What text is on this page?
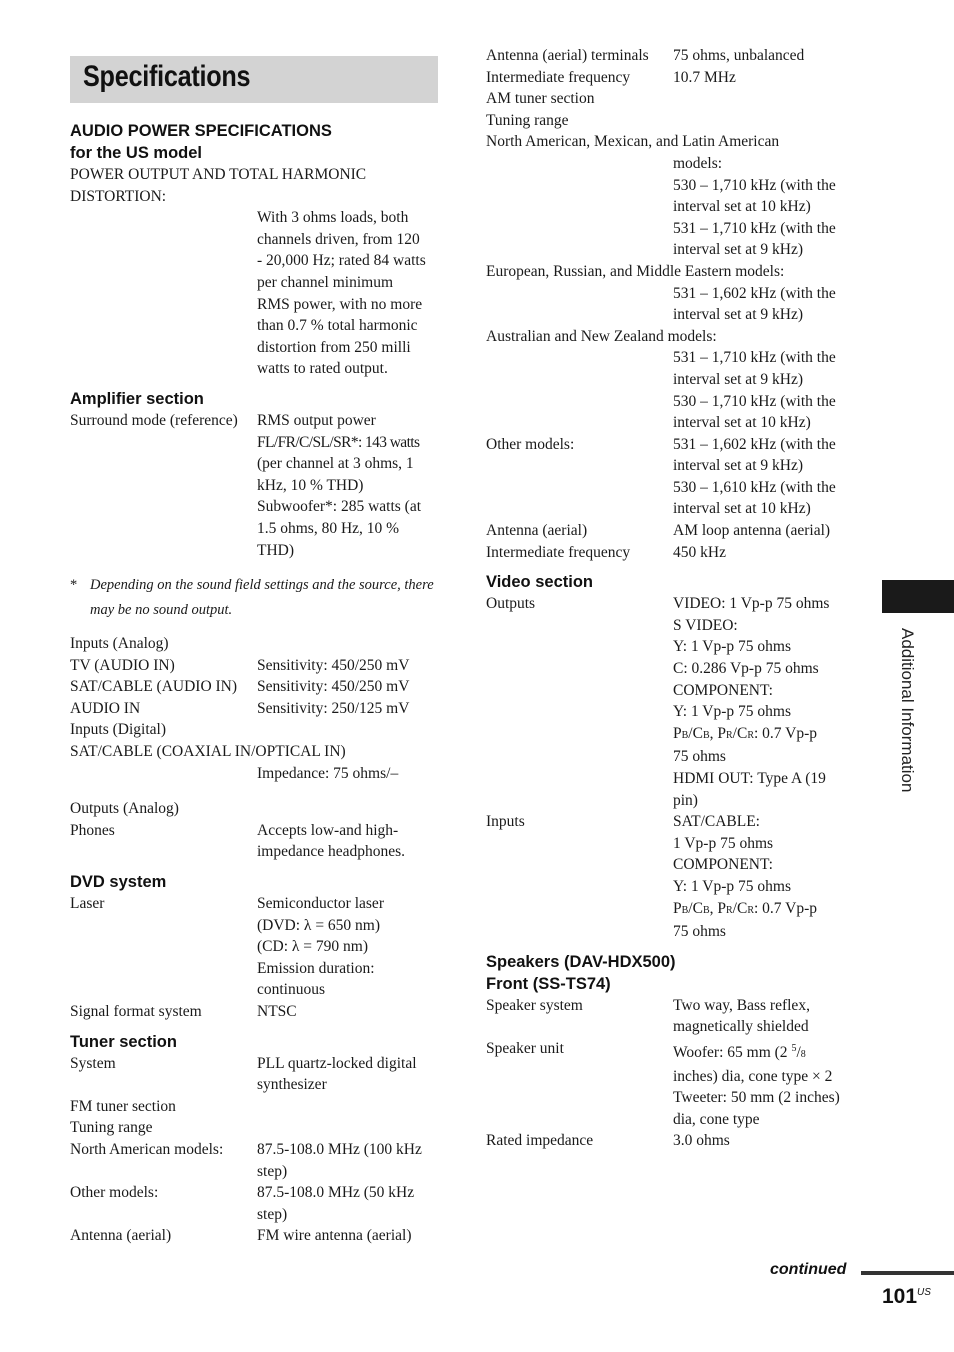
Specifications
AUDIO POWER SPECIFICATIONS
for the US model
POWER OUTPUT AND TOTAL HARMONIC
DISTORTION:
With 3 ohms loads, both
channels driven, from 120
- 20,000 Hz; rated 84 watts
per channel minimum
RMS power, with no more
than 0.7 % total harmonic
distortion from 250 milli
watts to rated output.
Amplifier section
Surround mode (reference)	RMS output power
FL/FR/C/SL/SR*: 143 watts
(per channel at 3 ohms, 1
kHz, 10 % THD)
Subwoofer*: 285 watts (at
1.5 ohms, 80 Hz, 10 %
THD)
* Depending on the sound field settings and the source, there may be no sound output.
Inputs (Analog)
TV (AUDIO IN)	Sensitivity: 450/250 mV
SAT/CABLE (AUDIO IN)	Sensitivity: 450/250 mV
AUDIO IN	Sensitivity: 250/125 mV
Inputs (Digital)
SAT/CABLE (COAXIAL IN/OPTICAL IN)
Impedance: 75 ohms/–
Outputs (Analog)
Phones	Accepts low-and high-
impedance headphones.
DVD system
Laser	Semiconductor laser
(DVD: λ = 650 nm)
(CD: λ = 790 nm)
Emission duration:
continuous
Signal format system	NTSC
Tuner section
System	PLL quartz-locked digital
synthesizer
FM tuner section
Tuning range
North American models:	87.5-108.0 MHz (100 kHz
step)
Other models:	87.5-108.0 MHz (50 kHz
step)
Antenna (aerial)	FM wire antenna (aerial)
Antenna (aerial) terminals	75 ohms, unbalanced
Intermediate frequency	10.7 MHz
AM tuner section
Tuning range
North American, Mexican, and Latin American
models:
530 – 1,710 kHz (with the
interval set at 10 kHz)
531 – 1,710 kHz (with the
interval set at 9 kHz)
European, Russian, and Middle Eastern models:
531 – 1,602 kHz (with the
interval set at 9 kHz)
Australian and New Zealand models:
531 – 1,710 kHz (with the
interval set at 9 kHz)
530 – 1,710 kHz (with the
interval set at 10 kHz)
Other models:	531 – 1,602 kHz (with the
interval set at 9 kHz)
530 – 1,610 kHz (with the
interval set at 10 kHz)
Antenna (aerial)	AM loop antenna (aerial)
Intermediate frequency	450 kHz
Video section
Outputs	VIDEO: 1 Vp-p 75 ohms
S VIDEO:
Y: 1 Vp-p 75 ohms
C: 0.286 Vp-p 75 ohms
COMPONENT:
Y: 1 Vp-p 75 ohms
PB/CB, PR/CR: 0.7 Vp-p
75 ohms
HDMI OUT: Type A (19
pin)
Inputs	SAT/CABLE:
1 Vp-p 75 ohms
COMPONENT:
Y: 1 Vp-p 75 ohms
PB/CB, PR/CR: 0.7 Vp-p
75 ohms
Speakers (DAV-HDX500)
Front (SS-TS74)
Speaker system	Two way, Bass reflex,
magnetically shielded
Speaker unit	Woofer: 65 mm (2 $^5$/8
inches) dia, cone type × 2
Tweeter: 50 mm (2 inches)
dia, cone type
Rated impedance	3.0 ohms
Additional Information
continued
101 US
